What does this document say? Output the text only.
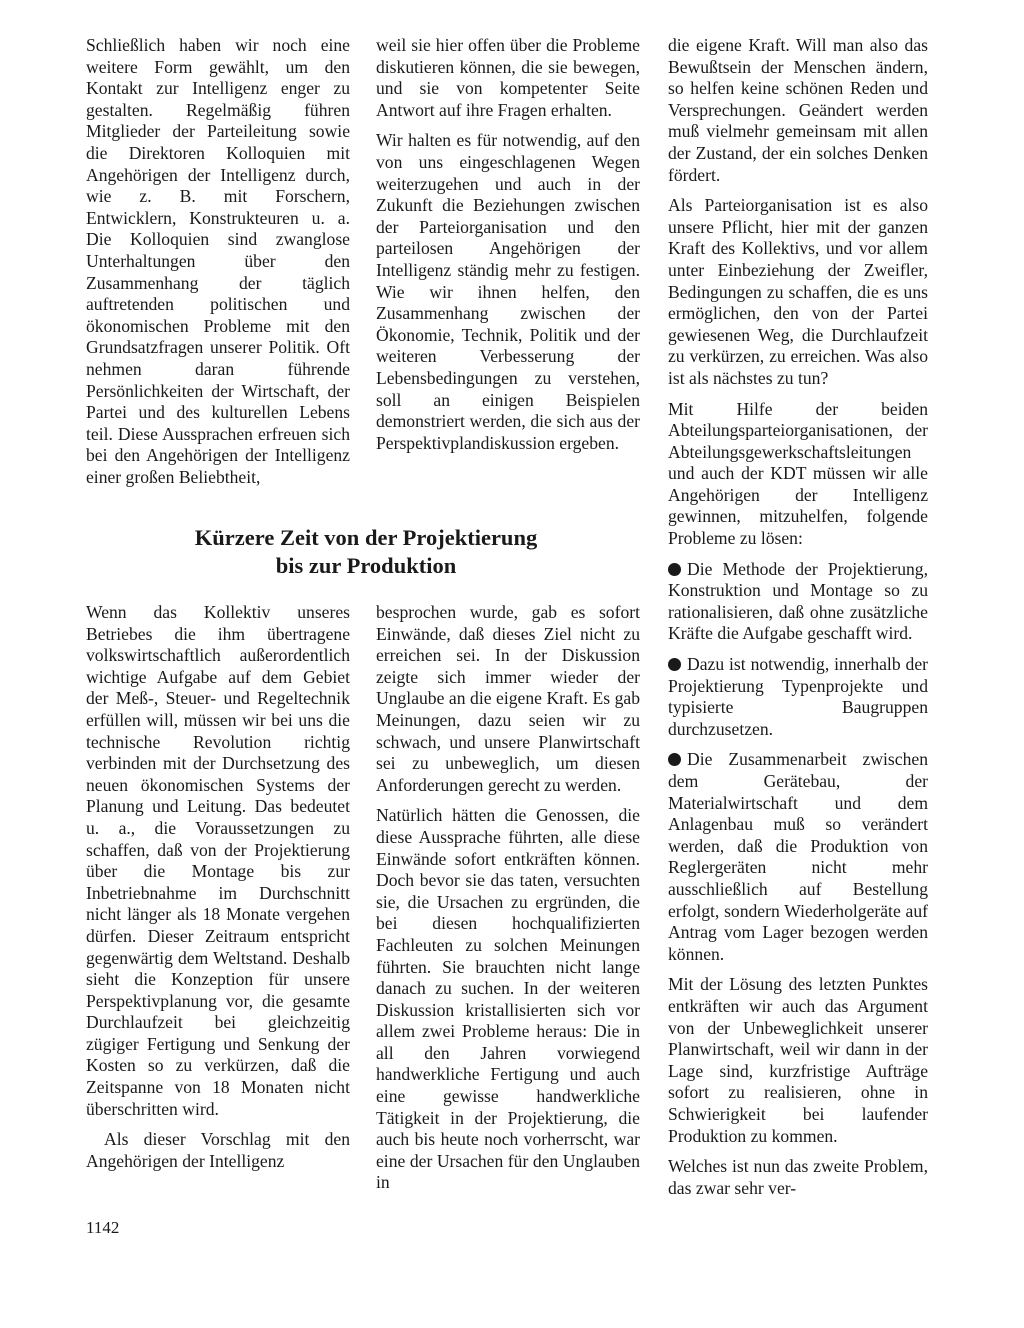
Schließlich haben wir noch eine weitere Form gewählt, um den Kontakt zur Intelligenz enger zu gestalten. Regelmäßig führen Mitglieder der Parteileitung sowie die Direktoren Kolloquien mit Angehörigen der Intelligenz durch, wie z. B. mit Forschern, Entwicklern, Konstrukteuren u. a. Die Kolloquien sind zwanglose Unterhaltungen über den Zusammenhang der täglich auftretenden politischen und ökonomischen Probleme mit den Grundsatzfragen unserer Politik. Oft nehmen daran führende Persönlichkeiten der Wirtschaft, der Partei und des kulturellen Lebens teil. Diese Aussprachen erfreuen sich bei den Angehörigen der Intelligenz einer großen Beliebtheit,

weil sie hier offen über die Probleme diskutieren können, die sie bewegen, und sie von kompetenter Seite Antwort auf ihre Fragen erhalten.

Wir halten es für notwendig, auf den von uns eingeschlagenen Wegen weiterzugehen und auch in der Zukunft die Beziehungen zwischen der Parteiorganisation und den parteilosen Angehörigen der Intelligenz ständig mehr zu festigen. Wie wir ihnen helfen, den Zusammenhang zwischen der Ökonomie, Technik, Politik und der weiteren Verbesserung der Lebensbedingungen zu verstehen, soll an einigen Beispielen demonstriert werden, die sich aus der Perspektivplandiskussion ergeben.

die eigene Kraft. Will man also das Bewußtsein der Menschen ändern, so helfen keine schönen Reden und Versprechungen. Geändert werden muß vielmehr gemeinsam mit allen der Zustand, der ein solches Denken fördert.

Als Parteiorganisation ist es also unsere Pflicht, hier mit der ganzen Kraft des Kollektivs, und vor allem unter Einbeziehung der Zweifler, Bedingungen zu schaffen, die es uns ermöglichen, den von der Partei gewiesenen Weg, die Durchlaufzeit zu verkürzen, zu erreichen. Was also ist als nächstes zu tun?

Mit Hilfe der beiden Abteilungsparteiorganisationen, der Abteilungsgewerkschaftsleitungen und auch der KDT müssen wir alle Angehörigen der Intelligenz gewinnen, mitzuhelfen, folgende Probleme zu lösen:

Die Methode der Projektierung, Konstruktion und Montage so zu rationalisieren, daß ohne zusätzliche Kräfte die Aufgabe geschafft wird.

Dazu ist notwendig, innerhalb der Projektierung Typenprojekte und typisierte Baugruppen durchzusetzen.

Die Zusammenarbeit zwischen dem Gerätebau, der Materialwirtschaft und dem Anlagenbau muß so verändert werden, daß die Produktion von Reglergeräten nicht mehr ausschließlich auf Bestellung erfolgt, sondern Wiederholgeräte auf Antrag vom Lager bezogen werden können.

Mit der Lösung des letzten Punktes entkräften wir auch das Argument von der Unbeweglichkeit unserer Planwirtschaft, weil wir dann in der Lage sind, kurzfristige Aufträge sofort zu realisieren, ohne in Schwierigkeit bei laufender Produktion zu kommen.

Welches ist nun das zweite Problem, das zwar sehr ver-

Kürzere Zeit von der Projektierung
bis zur Produktion

Wenn das Kollektiv unseres Betriebes die ihm übertragene volkswirtschaftlich außerordentlich wichtige Aufgabe auf dem Gebiet der Meß-, Steuer- und Regeltechnik erfüllen will, müssen wir bei uns die technische Revolution richtig verbinden mit der Durchsetzung des neuen ökonomischen Systems der Planung und Leitung. Das bedeutet u. a., die Voraussetzungen zu schaffen, daß von der Projektierung über die Montage bis zur Inbetriebnahme im Durchschnitt nicht länger als 18 Monate vergehen dürfen. Dieser Zeitraum entspricht gegenwärtig dem Weltstand. Deshalb sieht die Konzeption für unsere Perspektivplanung vor, die gesamte Durchlaufzeit bei gleichzeitig zügiger Fertigung und Senkung der Kosten so zu verkürzen, daß die Zeitspanne von 18 Monaten nicht überschritten wird.

Als dieser Vorschlag mit den Angehörigen der Intelligenz

besprochen wurde, gab es sofort Einwände, daß dieses Ziel nicht zu erreichen sei. In der Diskussion zeigte sich immer wieder der Unglaube an die eigene Kraft. Es gab Meinungen, dazu seien wir zu schwach, und unsere Planwirtschaft sei zu unbeweglich, um diesen Anforderungen gerecht zu werden.

Natürlich hätten die Genossen, die diese Aussprache führten, alle diese Einwände sofort entkräften können. Doch bevor sie das taten, versuchten sie, die Ursachen zu ergründen, die bei diesen hochqualifizierten Fachleuten zu solchen Meinungen führten. Sie brauchten nicht lange danach zu suchen. In der weiteren Diskussion kristallisierten sich vor allem zwei Probleme heraus: Die in all den Jahren vorwiegend handwerkliche Fertigung und auch eine gewisse handwerkliche Tätigkeit in der Projektierung, die auch bis heute noch vorherrscht, war eine der Ursachen für den Unglauben in

1142
